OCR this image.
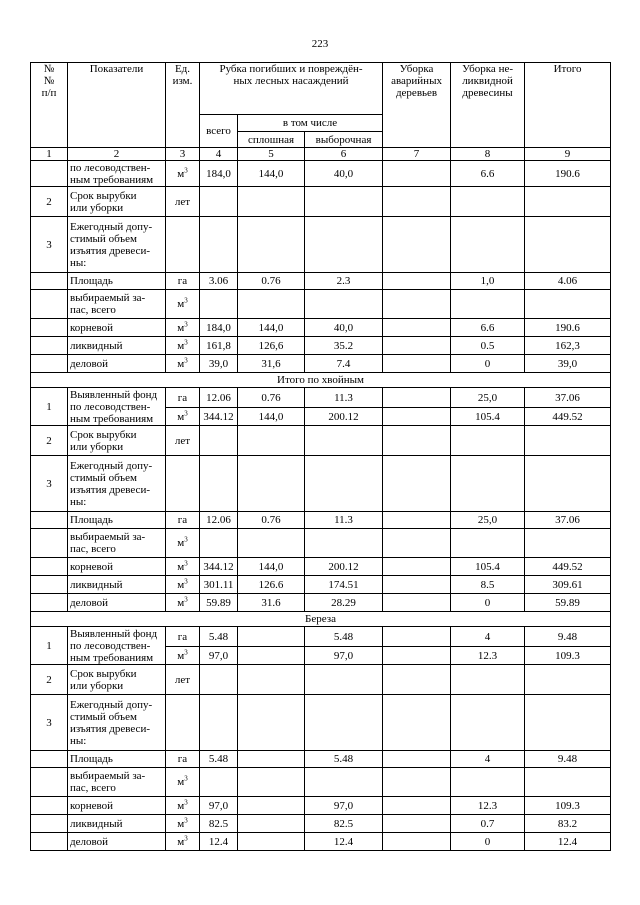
223
№
№
п/п	Показатели	Ед.
изм.	Рубка погибших и повреждён-
ных лесных насаждений			Уборка
аварийных
деревьев	Уборка не-
ликвидной
древесины	Итого
			всего	в том числе				
				сплошная	выборочная			
1	2	3	4	5	6	7	8	9
	по лесоводствен-
ным требованиям	$м^3$	184,0	144,0	40,0		6.6	190.6
2	Срок вырубки
или уборки	лет						
3	Ежегодный допу-
стимый объем
изъятия древеси-
ны:							
	Площадь	га	3.06	0.76	2.3		1,0	4.06
	выбираемый за-
пас, всего	$м^3$						
	корневой	$м^3$	184,0	144,0	40,0		6.6	190.6
	ликвидный	$м^3$	161,8	126,6	35.2		0.5	162,3
	деловой	$м^3$	39,0	31,6	7.4		0	39,0
Итого по хвойным								
1	Выявленный фонд
по лесоводствен-
ным требованиям	га	12.06	0.76	11.3		25,0	37.06
		$м^3$	344.12	144,0	200.12		105.4	449.52
2	Срок вырубки
или уборки	лет						
3	Ежегодный допу-
стимый объем
изъятия древеси-
ны:							
	Площадь	га	12.06	0.76	11.3		25,0	37.06
	выбираемый за-
пас, всего	$м^3$						
	корневой	$м^3$	344.12	144,0	200.12		105.4	449.52
	ликвидный	$м^3$	301.11	126.6	174.51		8.5	309.61
	деловой	$м^3$	59.89	31.6	28.29		0	59.89
Береза								
1	Выявленный фонд
по лесоводствен-
ным требованиям	га	5.48		5.48		4	9.48
		$м^3$	97,0		97,0		12.3	109.3
2	Срок вырубки
или уборки	лет						
3	Ежегодный допу-
стимый объем
изъятия древеси-
ны:							
	Площадь	га	5.48		5.48		4	9.48
	выбираемый за-
пас, всего	$м^3$						
	корневой	$м^3$	97,0		97,0		12.3	109.3
	ликвидный	$м^3$	82.5		82.5		0.7	83.2
	деловой	$м^3$	12.4		12.4		0	12.4
